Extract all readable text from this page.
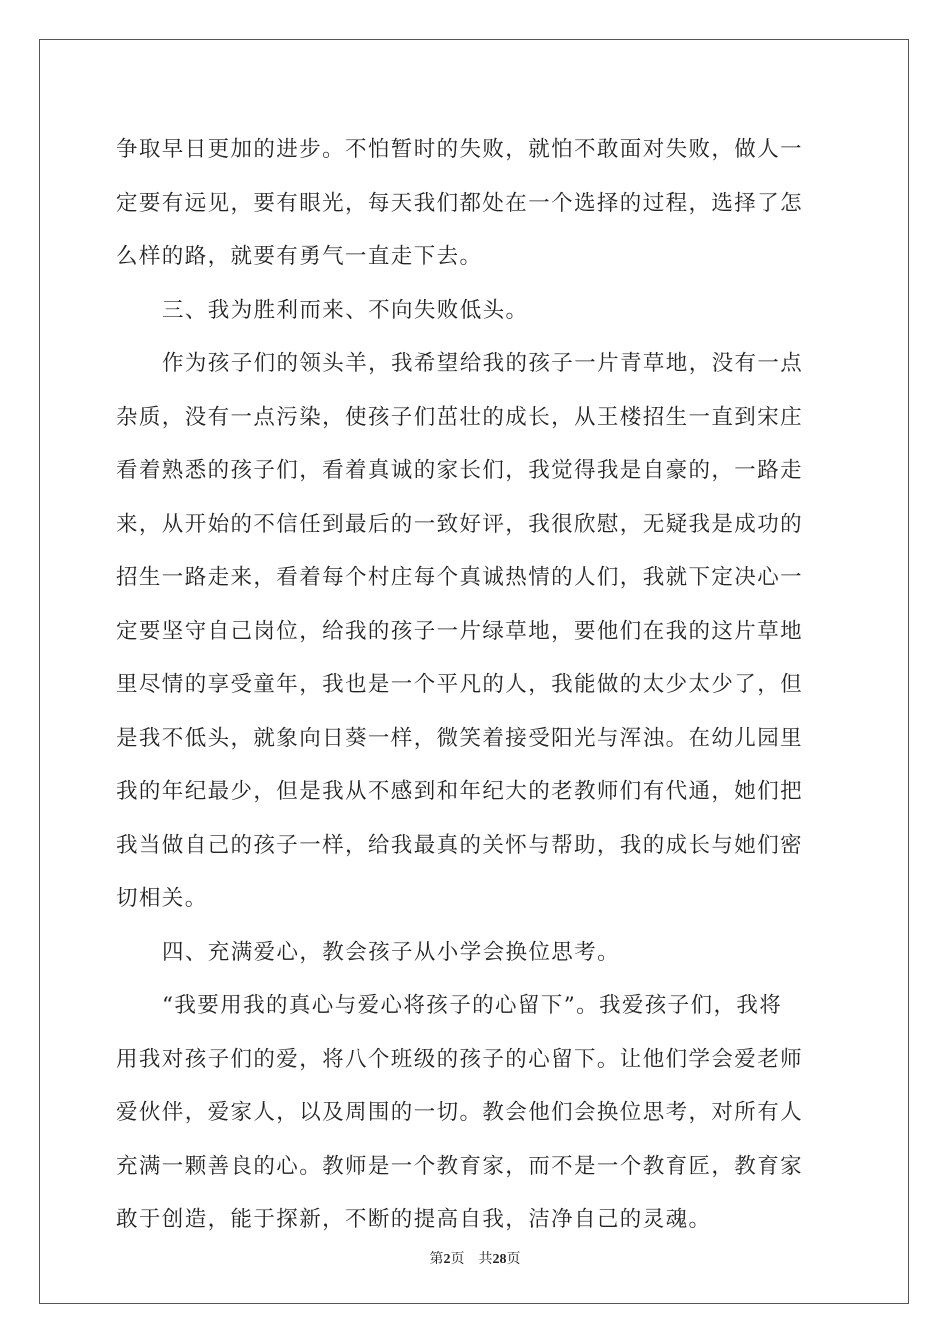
争取早日更加的进步。不怕暂时的失败，就怕不敢面对失败，做人一
定要有远见，要有眼光，每天我们都处在一个选择的过程，选择了怎
么样的路，就要有勇气一直走下去。
三、我为胜利而来、不向失败低头。
作为孩子们的领头羊，我希望给我的孩子一片青草地，没有一点
杂质，没有一点污染，使孩子们茁壮的成长，从王楼招生一直到宋庄
看着熟悉的孩子们，看着真诚的家长们，我觉得我是自豪的，一路走
来，从开始的不信任到最后的一致好评，我很欣慰，无疑我是成功的
招生一路走来，看着每个村庄每个真诚热情的人们，我就下定决心一
定要坚守自己岗位，给我的孩子一片绿草地，要他们在我的这片草地
里尽情的享受童年，我也是一个平凡的人，我能做的太少太少了，但
是我不低头，就象向日葵一样，微笑着接受阳光与浑浊。在幼儿园里
我的年纪最少，但是我从不感到和年纪大的老教师们有代通，她们把
我当做自己的孩子一样，给我最真的关怀与帮助，我的成长与她们密
切相关。
四、充满爱心，教会孩子从小学会换位思考。
“我要用我的真心与爱心将孩子的心留下”。我爱孩子们，我将
用我对孩子们的爱，将八个班级的孩子的心留下。让他们学会爱老师
爱伙伴，爱家人，以及周围的一切。教会他们会换位思考，对所有人
充满一颗善良的心。教师是一个教育家，而不是一个教育匠，教育家
敢于创造，能于探新，不断的提高自我，洁净自己的灵魂。
第2页 共28页
